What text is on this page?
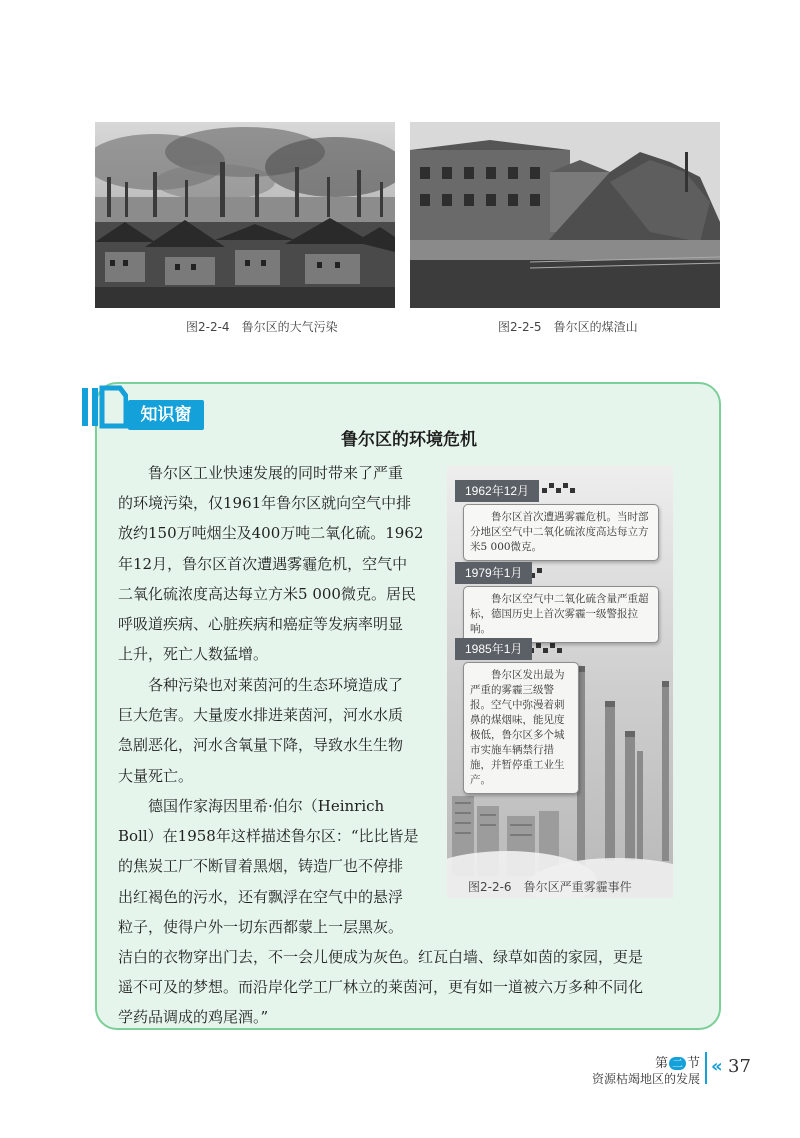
图2-2-4　鲁尔区的大气污染	图2-2-5　鲁尔区的煤渣山
知识窗
鲁尔区的环境危机
鲁尔区工业快速发展的同时带来了严重
的环境污染，仅1961年鲁尔区就向空气中排
放约150万吨烟尘及400万吨二氧化硫。1962
年12月，鲁尔区首次遭遇雾霾危机，空气中
二氧化硫浓度高达每立方米5 000微克。居民
呼吸道疾病、心脏疾病和癌症等发病率明显
上升，死亡人数猛增。
各种污染也对莱茵河的生态环境造成了
巨大危害。大量废水排进莱茵河，河水水质
急剧恶化，河水含氧量下降，导致水生生物
大量死亡。
德国作家海因里希·伯尔（Heinrich
Boll）在1958年这样描述鲁尔区：“比比皆是
的焦炭工厂不断冒着黑烟，铸造厂也不停排
出红褐色的污水，还有飘浮在空气中的悬浮
粒子，使得户外一切东西都蒙上一层黑灰。
洁白的衣物穿出门去，不一会儿便成为灰色。红瓦白墙、绿草如茵的家园，更是
遥不可及的梦想。而沿岸化学工厂林立的莱茵河，更有如一道被六万多种不同化
学药品调成的鸡尾酒。”
1962年12月
鲁尔区首次遭遇雾霾危机。当时部分地区空气中二氧化硫浓度高达每立方米5 000微克。
1979年1月
鲁尔区空气中二氧化硫含量严重超标，德国历史上首次雾霾一级警报拉响。
1985年1月
鲁尔区发出最为严重的雾霾三级警报。空气中弥漫着刺鼻的煤烟味，能见度极低，鲁尔区多个城市实施车辆禁行措施，并暂停重工业生产。
图2-2-6　鲁尔区严重雾霾事件
第 二 节
资源枯竭地区的发展
« 37
